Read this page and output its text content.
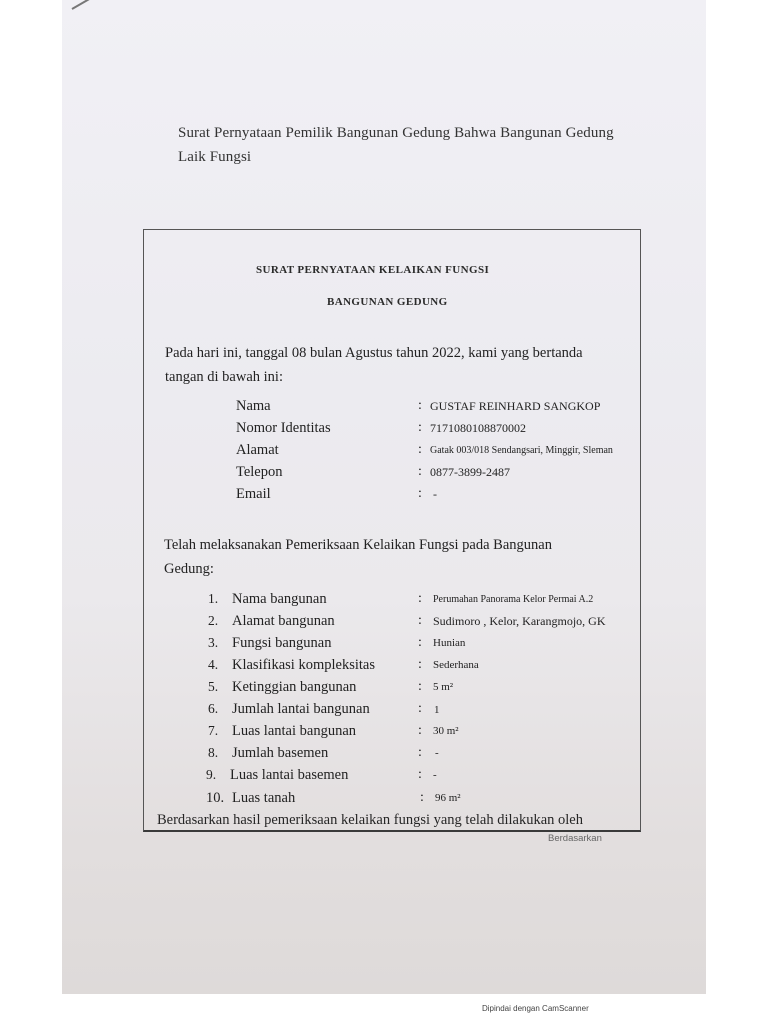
Surat Pernyataan Pemilik Bangunan Gedung Bahwa Bangunan Gedung
Laik Fungsi
SURAT PERNYATAAN KELAIKAN FUNGSI
BANGUNAN GEDUNG
Pada hari ini, tanggal 08 bulan Agustus tahun 2022, kami yang bertanda
tangan di bawah ini:
Nama	: GUSTAF REINHARD SANGKOP
Nomor Identitas	: 7171080108870002
Alamat	: Gatak 003/018 Sendangsari, Minggir, Sleman
Telepon	: 0877-3899-2487
Email	: -
Telah melaksanakan Pemeriksaan Kelaikan Fungsi pada Bangunan
Gedung:
1. Nama bangunan	: Perumahan Panorama Kelor Permai A.2
2. Alamat bangunan	: Sudimoro , Kelor, Karangmojo, GK
3. Fungsi bangunan	: Hunian
4. Klasifikasi kompleksitas	: Sederhana
5. Ketinggian bangunan	: 5 m²
6. Jumlah lantai bangunan	: 1
7. Luas lantai bangunan	: 30 m²
8. Jumlah basemen	: -
9. Luas lantai basemen	: -
10. Luas tanah	: 96 m²
Berdasarkan hasil pemeriksaan kelaikan fungsi yang telah dilakukan oleh
Berdasarkan
Dipindai dengan CamScanner
